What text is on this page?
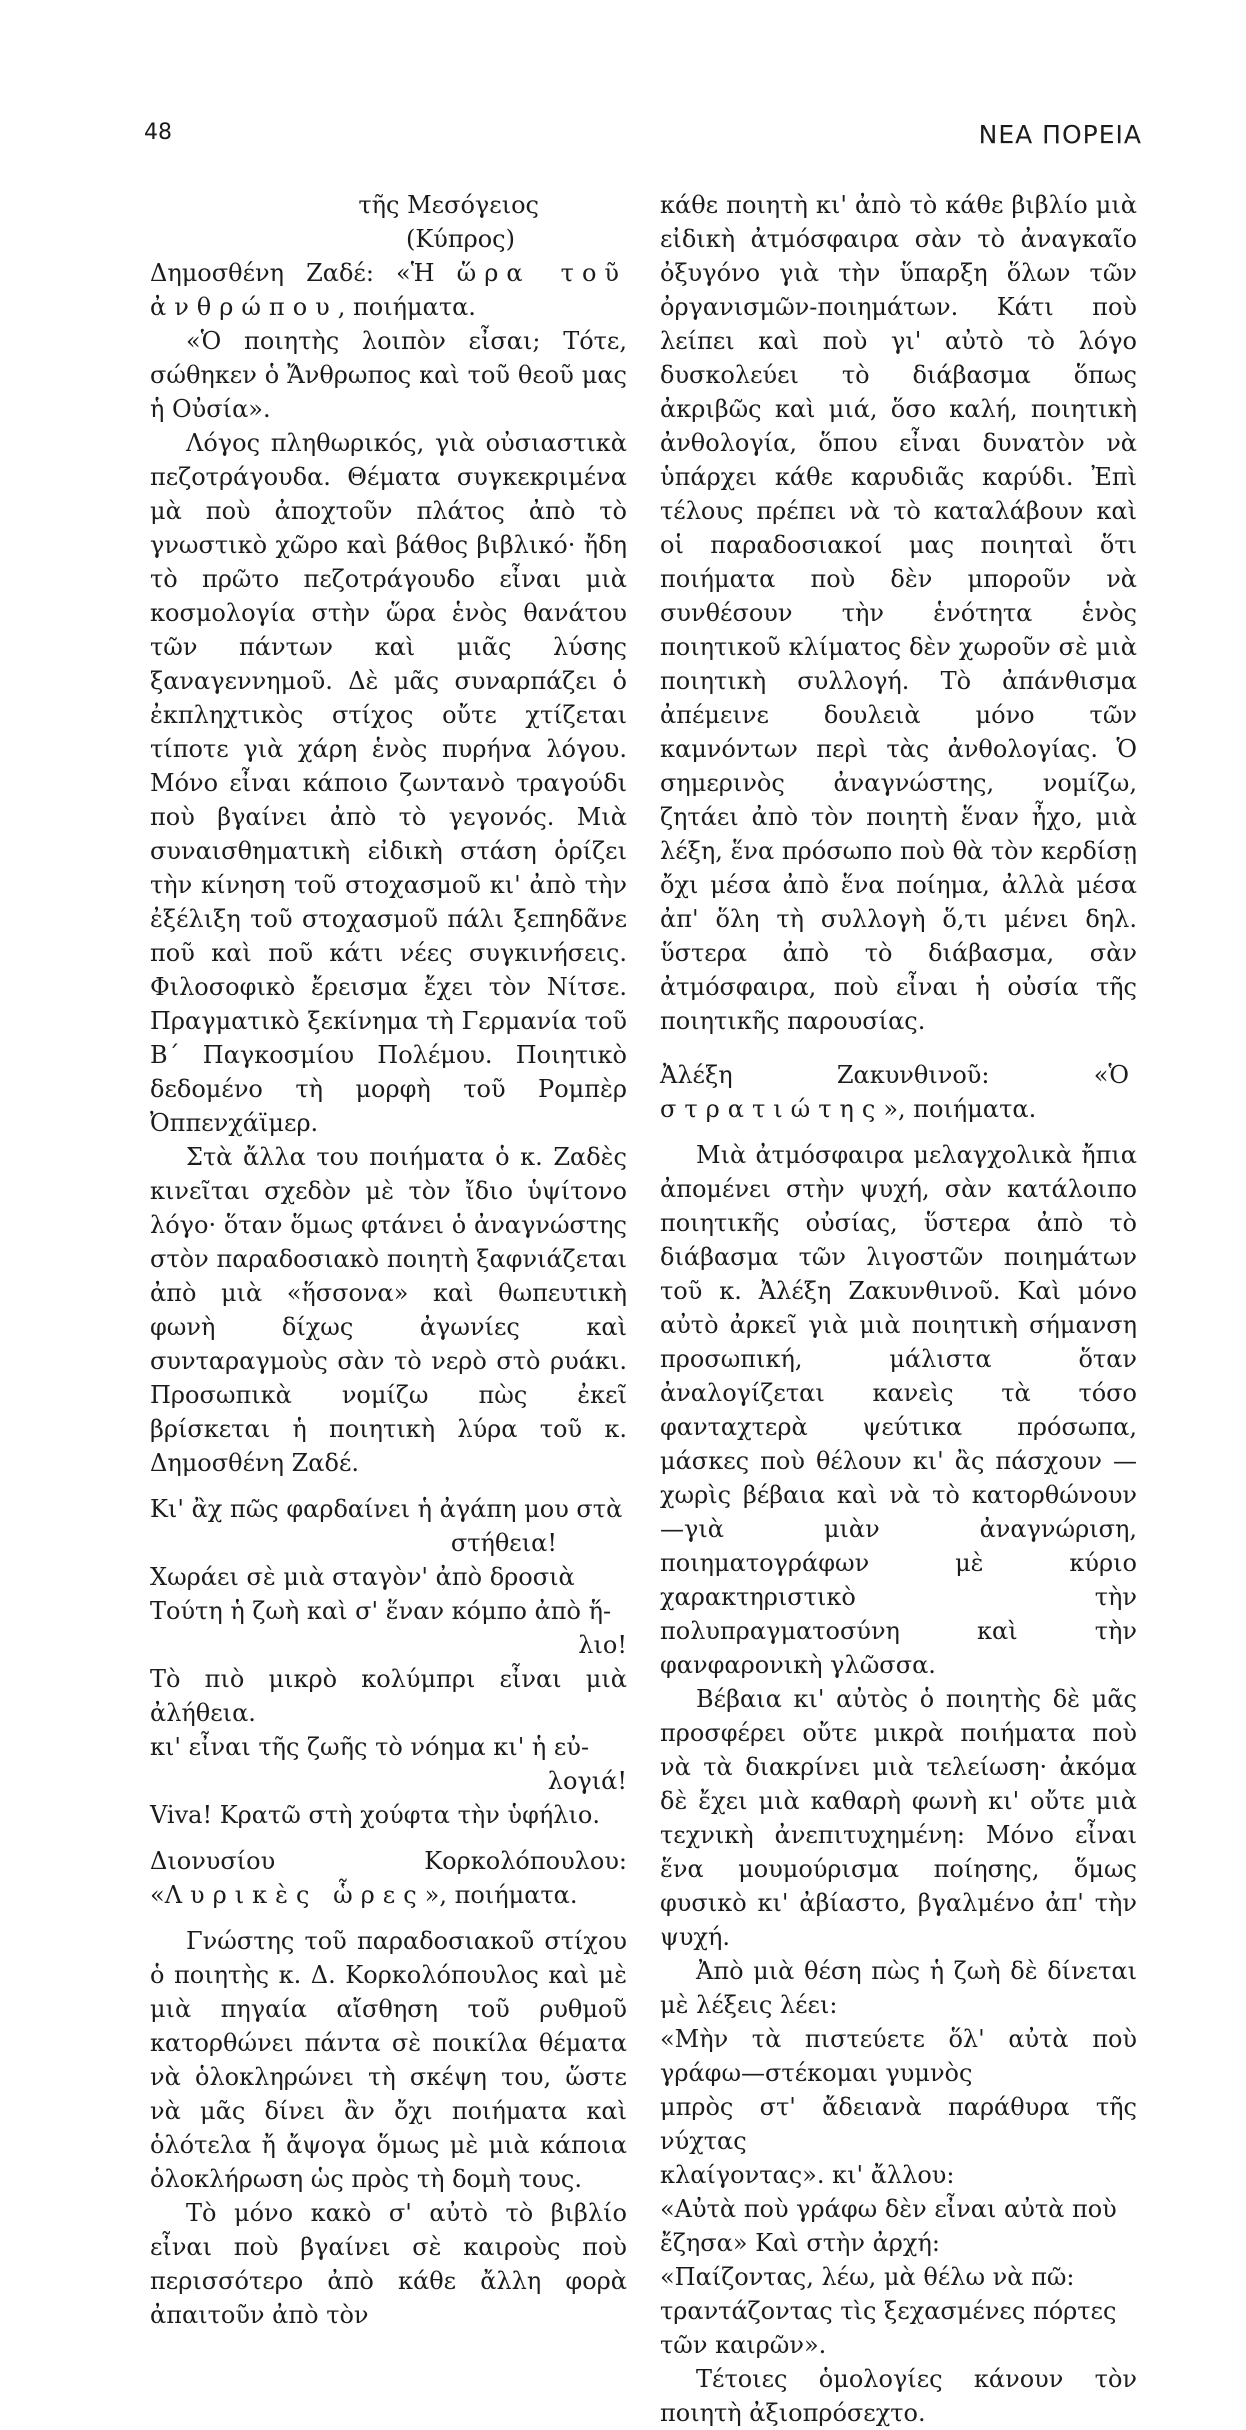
48	ΝΕΑ ΠΟΡΕΙΑ

τῆς Μεσόγειος

(Κύπρος)

Δημοσθένη Ζαδέ: «Ἡ ὥρα τοῦ ἀνθρώπου, ποιήματα.

«Ὁ ποιητὴς λοιπὸν εἶσαι; Τότε, σώθηκεν ὁ Ἄνθρωπος καὶ τοῦ θεοῦ μας ἡ Οὐσία».

Λόγος πληθωρικός, γιὰ οὐσιαστικὰ πεζοτράγουδα. Θέματα συγκεκριμένα μὰ ποὺ ἀποχτοῦν πλάτος ἀπὸ τὸ γνωστικὸ χῶρο καὶ βάθος βιβλικό· ἤδη τὸ πρῶτο πεζοτράγουδο εἶναι μιὰ κοσμολογία στὴν ὥρα ἑνὸς θανάτου τῶν πάντων καὶ μιᾶς λύσης ξαναγεννημοῦ. Δὲ μᾶς συναρπάζει ὁ ἐκπληχτικὸς στίχος οὔτε χτίζεται τίποτε γιὰ χάρη ἑνὸς πυρήνα λόγου. Μόνο εἶναι κάποιο ζωντανὸ τραγούδι ποὺ βγαίνει ἀπὸ τὸ γεγονός. Μιὰ συναισθηματικὴ εἰδικὴ στάση ὁρίζει τὴν κίνηση τοῦ στοχασμοῦ κι' ἀπὸ τὴν ἐξέλιξη τοῦ στοχασμοῦ πάλι ξεπηδᾶνε ποῦ καὶ ποῦ κάτι νέες συγκινήσεις. Φιλοσοφικὸ ἔρεισμα ἔχει τὸν Νίτσε. Πραγματικὸ ξεκίνημα τὴ Γερμανία τοῦ Β΄ Παγκοσμίου Πολέμου. Ποιητικὸ δεδομένο τὴ μορφὴ τοῦ Ρομπὲρ Ὀππενχάϊμερ.

Στὰ ἄλλα του ποιήματα ὁ κ. Ζαδὲς κινεῖται σχεδὸν μὲ τὸν ἴδιο ὑψίτονο λόγο· ὅταν ὅμως φτάνει ὁ ἀναγνώστης στὸν παραδοσιακὸ ποιητὴ ξαφνιάζεται ἀπὸ μιὰ «ἥσσονα» καὶ θωπευτικὴ φωνὴ δίχως ἀγωνίες καὶ συνταραγμοὺς σὰν τὸ νερὸ στὸ ρυάκι. Προσωπικὰ νομίζω πὼς ἐκεῖ βρίσκεται ἡ ποιητικὴ λύρα τοῦ κ. Δημοσθένη Ζαδέ.

Κι' ἂχ πῶς φαρδαίνει ἡ ἀγάπη μου στὰ

στήθεια!

Χωράει σὲ μιὰ σταγὸν' ἀπὸ δροσιὰ

Τούτη ἡ ζωὴ καὶ σ' ἕναν κόμπο ἀπὸ ἥ-

λιο!

Τὸ πιὸ μικρὸ κολύμπρι εἶναι μιὰ ἀλήθεια.

κι' εἶναι τῆς ζωῆς τὸ νόημα κι' ἡ εὐ-

λογιά!

Viva! Κρατῶ στὴ χούφτα τὴν ὑφήλιο.

Διονυσίου Κορκολόπουλου: «Λυρικὲς ὧρες», ποιήματα.

Γνώστης τοῦ παραδοσιακοῦ στίχου ὁ ποιητὴς κ. Δ. Κορκολόπουλος καὶ μὲ μιὰ πηγαία αἴσθηση τοῦ ρυθμοῦ κατορθώνει πάντα σὲ ποικίλα θέματα νὰ ὁλοκληρώνει τὴ σκέψη του, ὥστε νὰ μᾶς δίνει ἂν ὄχι ποιήματα καὶ ὁλότελα ἤ ἄψογα ὅμως μὲ μιὰ κάποια ὁλοκλήρωση ὡς πρὸς τὴ δομὴ τους.

Τὸ μόνο κακὸ σ' αὐτὸ τὸ βιβλίο εἶναι ποὺ βγαίνει σὲ καιροὺς ποὺ περισσότερο ἀπὸ κάθε ἄλλη φορὰ ἀπαιτοῦν ἀπὸ τὸν

κάθε ποιητὴ κι' ἀπὸ τὸ κάθε βιβλίο μιὰ εἰδικὴ ἀτμόσφαιρα σὰν τὸ ἀναγκαῖο ὀξυγόνο γιὰ τὴν ὕπαρξη ὅλων τῶν ὀργανισμῶν-ποιημάτων. Κάτι ποὺ λείπει καὶ ποὺ γι' αὐτὸ τὸ λόγο δυσκολεύει τὸ διάβασμα ὅπως ἀκριβῶς καὶ μιά, ὅσο καλή, ποιητικὴ ἀνθολογία, ὅπου εἶναι δυνατὸν νὰ ὑπάρχει κάθε καρυδιᾶς καρύδι. Ἐπὶ τέλους πρέπει νὰ τὸ καταλάβουν καὶ οἱ παραδοσιακοί μας ποιηταὶ ὅτι ποιήματα ποὺ δὲν μποροῦν νὰ συνθέσουν τὴν ἑνότητα ἑνὸς ποιητικοῦ κλίματος δὲν χωροῦν σὲ μιὰ ποιητικὴ συλλογή. Τὸ ἀπάνθισμα ἀπέμεινε δουλειὰ μόνο τῶν καμνόντων περὶ τὰς ἀνθολογίας. Ὁ σημερινὸς ἀναγνώστης, νομίζω, ζητάει ἀπὸ τὸν ποιητὴ ἕναν ἦχο, μιὰ λέξη, ἕνα πρόσωπο ποὺ θὰ τὸν κερδίσῃ ὄχι μέσα ἀπὸ ἕνα ποίημα, ἀλλὰ μέσα ἀπ' ὅλη τὴ συλλογὴ ὅ,τι μένει δηλ. ὕστερα ἀπὸ τὸ διάβασμα, σὰν ἀτμόσφαιρα, ποὺ εἶναι ἡ οὐσία τῆς ποιητικῆς παρουσίας.

Ἀλέξη Ζακυνθινοῦ: «Ὁ στρατιώτης», ποιήματα.

Μιὰ ἀτμόσφαιρα μελαγχολικὰ ἤπια ἀπομένει στὴν ψυχή, σὰν κατάλοιπο ποιητικῆς οὐσίας, ὕστερα ἀπὸ τὸ διάβασμα τῶν λιγοστῶν ποιημάτων τοῦ κ. Ἀλέξη Ζακυνθινοῦ. Καὶ μόνο αὐτὸ ἀρκεῖ γιὰ μιὰ ποιητικὴ σήμανση προσωπική, μάλιστα ὅταν ἀναλογίζεται κανεὶς τὰ τόσο φανταχτερὰ ψεύτικα πρόσωπα, μάσκες ποὺ θέλουν κι' ἂς πάσχουν — χωρὶς βέβαια καὶ νὰ τὸ κατορθώνουν—γιὰ μιὰν ἀναγνώριση, ποιηματογράφων μὲ κύριο χαρακτηριστικὸ τὴν πολυπραγματοσύνη καὶ τὴν φανφαρονικὴ γλῶσσα.

Βέβαια κι' αὐτὸς ὁ ποιητὴς δὲ μᾶς προσφέρει οὔτε μικρὰ ποιήματα ποὺ νὰ τὰ διακρίνει μιὰ τελείωση· ἀκόμα δὲ ἔχει μιὰ καθαρὴ φωνὴ κι' οὔτε μιὰ τεχνικὴ ἀνεπιτυχημένη: Μόνο εἶναι ἕνα μουμούρισμα ποίησης, ὅμως φυσικὸ κι' ἀβίαστο, βγαλμένο ἀπ' τὴν ψυχή.

Ἀπὸ μιὰ θέση πὼς ἡ ζωὴ δὲ δίνεται μὲ λέξεις λέει:

«Μὴν τὰ πιστεύετε ὅλ' αὐτὰ ποὺ γράφω—στέκομαι γυμνὸς

μπρὸς στ' ἄδειανὰ παράθυρα τῆς νύχτας

κλαίγοντας». κι' ἄλλου:

«Αὐτὰ ποὺ γράφω δὲν εἶναι αὐτὰ ποὺ

ἔζησα» Καὶ στὴν ἀρχή:

«Παίζοντας, λέω, μὰ θέλω νὰ πῶ:

τραντάζοντας τὶς ξεχασμένες πόρτες

τῶν καιρῶν».

Τέτοιες ὁμολογίες κάνουν τὸν ποιητὴ ἀξιοπρόσεχτο.
